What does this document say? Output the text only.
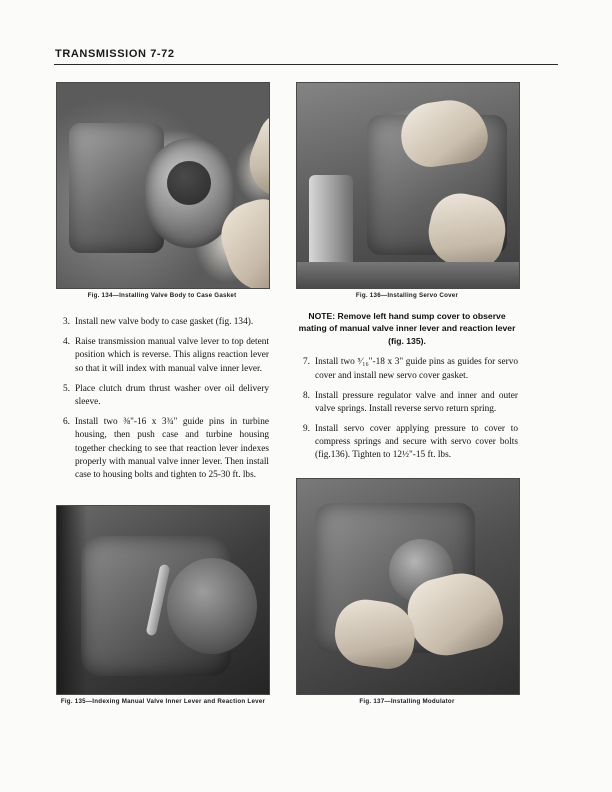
TRANSMISSION 7-72
Fig. 134—Installing Valve Body to Case Gasket	Fig. 136—Installing Servo Cover
3. Install new valve body to case gasket (fig. 134).
4. Raise transmission manual valve lever to top detent position which is reverse. This aligns reaction lever so that it will index with manual valve inner lever.
5. Place clutch drum thrust washer over oil delivery sleeve.
6. Install two ⅜"-16 x 3¾" guide pins in turbine housing, then push case and turbine housing together checking to see that reaction lever indexes properly with manual valve inner lever. Then install case to housing bolts and tighten to 25-30 ft. lbs.
NOTE: Remove left hand sump cover to observe mating of manual valve inner lever and reaction lever (fig. 135).
7. Install two ⁵⁄₁₆"-18 x 3" guide pins as guides for servo cover and install new servo cover gasket.
8. Install pressure regulator valve and inner and outer valve springs. Install reverse servo return spring.
9. Install servo cover applying pressure to cover to compress springs and secure with servo cover bolts (fig.136). Tighten to 12½"-15 ft. lbs.
Fig. 135—Indexing Manual Valve Inner Lever and Reaction Lever	Fig. 137—Installing Modulator
